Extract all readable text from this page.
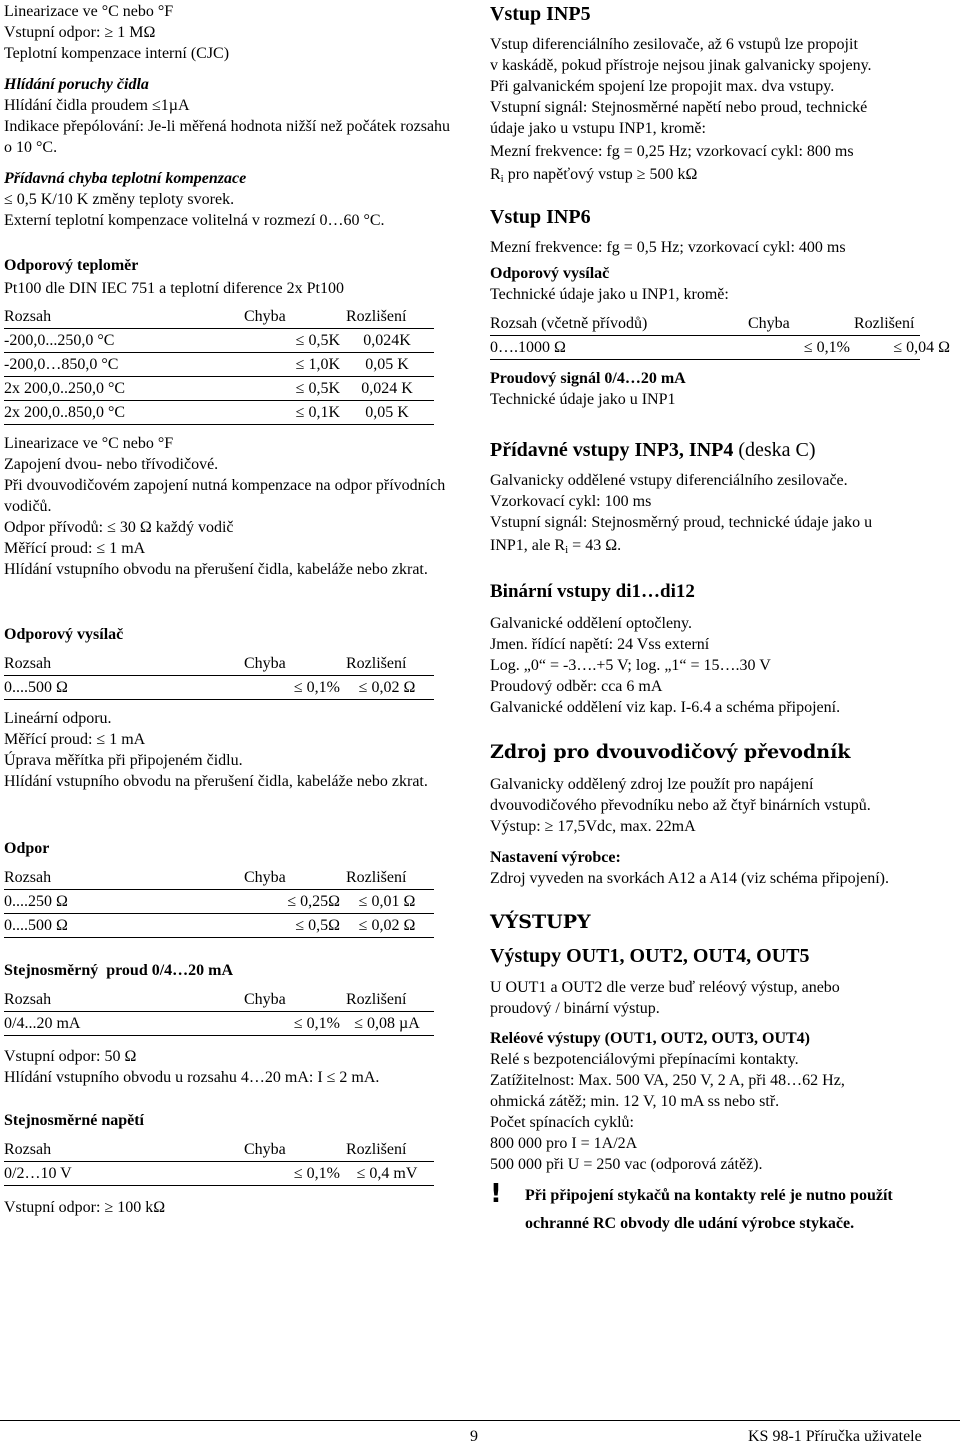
Linearizace ve °C nebo °F

Vstupní odpor: ≥ 1 MΩ

Teplotní kompenzace interní (CJC)

Hlídání poruchy čidla

Hlídání čidla proudem ≤1µA

Indikace přepólování: Je-li měřená hodnota nižší než počátek rozsahu o 10 °C.

Přídavná chyba teplotní kompenzace

≤ 0,5 K/10 K změny teploty svorek.

Externí teplotní kompenzace volitelná v rozmezí 0…60 °C.

Odporový teploměr

Pt100 dle DIN IEC 751 a teplotní diference 2x Pt100

Rozsah	Chyba	Rozlišení
-200,0...250,0 °C	≤ 0,5K	0,024K
-200,0…850,0 °C	≤ 1,0K	0,05 K
2x 200,0..250,0 °C	≤ 0,5K	0,024 K
2x 200,0..850,0 °C	≤ 0,1K	0,05 K

Linearizace ve °C nebo °F

Zapojení dvou- nebo třívodičové.

Při dvouvodičovém zapojení nutná kompenzace na odpor přívodních vodičů.

Odpor přívodů: ≤ 30 Ω každý vodič

Měřící proud: ≤ 1 mA

Hlídání vstupního obvodu na přerušení čidla, kabeláže nebo zkrat.

Odporový vysílač

Rozsah	Chyba	Rozlišení
0....500 Ω	≤ 0,1%	≤ 0,02 Ω

Lineární odporu.

Měřící proud: ≤ 1 mA

Úprava měřítka při připojeném čidlu.

Hlídání vstupního obvodu na přerušení čidla, kabeláže nebo zkrat.

Odpor

Rozsah	Chyba	Rozlišení
0....250 Ω	≤ 0,25Ω	≤ 0,01 Ω
0....500 Ω	≤ 0,5Ω	≤ 0,02 Ω

Stejnosměrný  proud 0/4…20 mA

Rozsah	Chyba	Rozlišení
0/4...20 mA	≤ 0,1% ≤ 0,08 µA

Vstupní odpor: 50 Ω

Hlídání vstupního obvodu u rozsahu 4…20 mA: I ≤ 2 mA.

Stejnosměrné napětí

Rozsah	Chyba	Rozlišení
0/2…10 V	≤ 0,1%	≤ 0,4 mV

Vstupní odpor: ≥ 100 kΩ

Vstup INP5

Vstup diferenciálního zesilovače, až 6 vstupů lze propojit

v kaskádě, pokud přístroje nejsou jinak galvanicky spojeny.

Při galvanickém spojení lze propojit max. dva vstupy.

Vstupní signál: Stejnosměrné napětí nebo proud, technické

údaje jako u vstupu INP1, kromě:

Mezní frekvence: fg = 0,25 Hz; vzorkovací cykl: 800 ms

$R_i$ pro napěťový vstup ≥ 500 kΩ

Vstup INP6

Mezní frekvence: fg = 0,5 Hz; vzorkovací cykl: 400 ms

Odporový vysílač

Technické údaje jako u INP1, kromě:

Rozsah (včetně přívodů)	Chyba	Rozlišení
0….1000 Ω	≤ 0,1%	≤ 0,04 Ω

Proudový signál 0/4…20 mA

Technické údaje jako u INP1

Přídavné vstupy INP3, INP4 (deska C)

Galvanicky oddělené vstupy diferenciálního zesilovače.

Vzorkovací cykl: 100 ms

Vstupní signál: Stejnosměrný proud, technické údaje jako u

INP1, ale $R_i = 43$ Ω.

Binární vstupy di1…di12

Galvanické oddělení optočleny.

Jmen. řídící napětí: 24 Vss externí

Log. „0“ = -3….+5 V; log. „1“ = 15….30 V

Proudový odběr: cca 6 mA

Galvanické oddělení viz kap. I-6.4 a schéma připojení.

Zdroj pro dvouvodičový převodník

Galvanicky oddělený zdroj lze použít pro napájení

dvouvodičového převodníku nebo až čtyř binárních vstupů.

Výstup: ≥ 17,5Vdc, max. 22mA

Nastavení výrobce:

Zdroj vyveden na svorkách A12 a A14 (viz schéma připojení).

VÝSTUPY

Výstupy OUT1, OUT2, OUT4, OUT5

U OUT1 a OUT2 dle verze buď reléový výstup, anebo

proudový / binární výstup.

Reléové výstupy (OUT1, OUT2, OUT3, OUT4)

Relé s bezpotenciálovými přepínacími kontakty.

Zatížitelnost: Max. 500 VA, 250 V, 2 A, při 48…62 Hz,

ohmická zátěž; min. 12 V, 10 mA ss nebo stř.

Počet spínacích cyklů:

800 000 pro I = 1A/2A

500 000 při U = 250 vac (odporová zátěž).

! Při připojení stykačů na kontakty relé je nutno použít

ochranné RC obvody dle udání výrobce stykače.

9	KS 98-1 Příručka uživatele
